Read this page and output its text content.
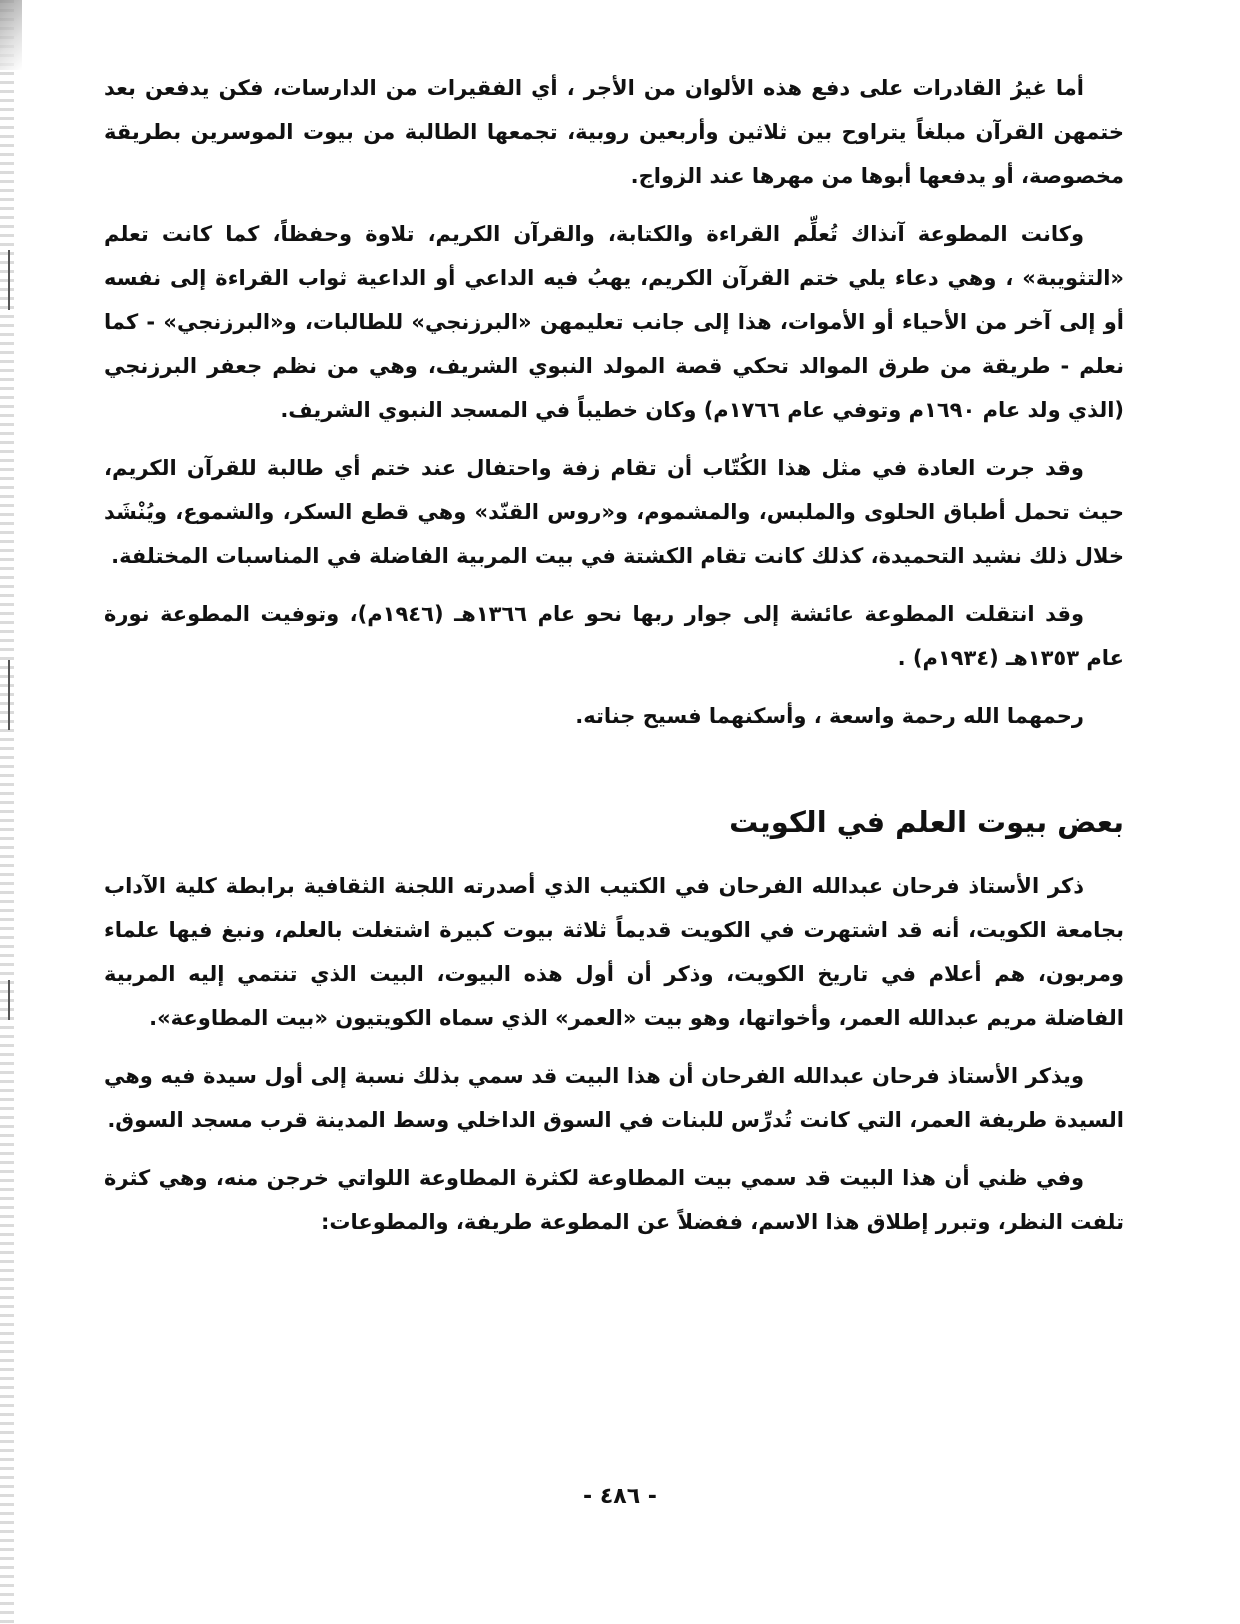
أما غيرُ القادرات على دفع هذه الألوان من الأجر ، أي الفقيرات من الدارسات، فكن يدفعن بعد ختمهن القرآن مبلغاً يتراوح بين ثلاثين وأربعين روبية، تجمعها الطالبة من بيوت الموسرين بطريقة مخصوصة، أو يدفعها أبوها من مهرها عند الزواج.

وكانت المطوعة آنذاك تُعلِّم القراءة والكتابة، والقرآن الكريم، تلاوة وحفظاً، كما كانت تعلم «التثويبة» ، وهي دعاء يلي ختم القرآن الكريم، يهبُ فيه الداعي أو الداعية ثواب القراءة إلى نفسه أو إلى آخر من الأحياء أو الأموات، هذا إلى جانب تعليمهن «البرزنجي» للطالبات، و«البرزنجي» - كما نعلم - طريقة من طرق الموالد تحكي قصة المولد النبوي الشريف، وهي من نظم جعفر البرزنجي (الذي ولد عام ١٦٩٠م وتوفي عام ١٧٦٦م) وكان خطيباً في المسجد النبوي الشريف.

وقد جرت العادة في مثل هذا الكُتّاب أن تقام زفة واحتفال عند ختم أي طالبة للقرآن الكريم، حيث تحمل أطباق الحلوى والملبس، والمشموم، و«روس القنّد» وهي قطع السكر، والشموع، ويُنْشَد خلال ذلك نشيد التحميدة، كذلك كانت تقام الكشتة في بيت المربية الفاضلة في المناسبات المختلفة.

وقد انتقلت المطوعة عائشة إلى جوار ربها نحو عام ١٣٦٦هـ (١٩٤٦م)، وتوفيت المطوعة نورة عام ١٣٥٣هـ (١٩٣٤م) .

رحمهما الله رحمة واسعة ، وأسكنهما فسيح جناته.

بعض بيوت العلم في الكويت

ذكر الأستاذ فرحان عبدالله الفرحان في الكتيب الذي أصدرته اللجنة الثقافية برابطة كلية الآداب بجامعة الكويت، أنه قد اشتهرت في الكويت قديماً ثلاثة بيوت كبيرة اشتغلت بالعلم، ونبغ فيها علماء ومربون، هم أعلام في تاريخ الكويت، وذكر أن أول هذه البيوت، البيت الذي تنتمي إليه المربية الفاضلة مريم عبدالله العمر، وأخواتها، وهو بيت «العمر» الذي سماه الكويتيون «بيت المطاوعة».

ويذكر الأستاذ فرحان عبدالله الفرحان أن هذا البيت قد سمي بذلك نسبة إلى أول سيدة فيه وهي السيدة طريفة العمر، التي كانت تُدرِّس للبنات في السوق الداخلي وسط المدينة قرب مسجد السوق.

وفي ظني أن هذا البيت قد سمي بيت المطاوعة لكثرة المطاوعة اللواتي خرجن منه، وهي كثرة تلفت النظر، وتبرر إطلاق هذا الاسم، ففضلاً عن المطوعة طريفة، والمطوعات:

- ٤٨٦ -
